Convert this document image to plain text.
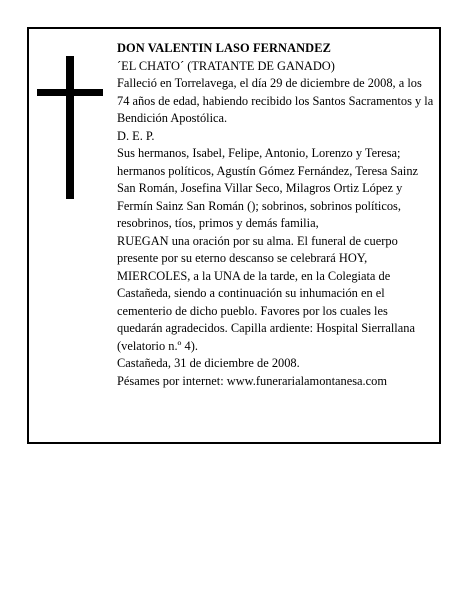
DON VALENTIN LASO FERNANDEZ

´EL CHATO´ (TRATANTE DE GANADO)

Falleció en Torrelavega, el día 29 de diciembre de 2008, a los 74 años de edad, habiendo recibido los Santos Sacramentos y la Bendición Apostólica.

D. E. P.

Sus hermanos, Isabel, Felipe, Antonio, Lorenzo y Teresa; hermanos políticos, Agustín Gómez Fernández, Teresa Sainz San Román, Josefina Villar Seco, Milagros Ortiz López y Fermín Sainz San Román (); sobrinos, sobrinos políticos, resobrinos, tíos, primos y demás familia,

RUEGAN una oración por su alma. El funeral de cuerpo presente por su eterno descanso se celebrará HOY, MIERCOLES, a la UNA de la tarde, en la Colegiata de Castañeda, siendo a continuación su inhumación en el cementerio de dicho pueblo. Favores por los cuales les quedarán agradecidos. Capilla ardiente: Hospital Sierrallana (velatorio n.º 4).

Castañeda, 31 de diciembre de 2008.

Pésames por internet: www.funerarialamontanesa.com
